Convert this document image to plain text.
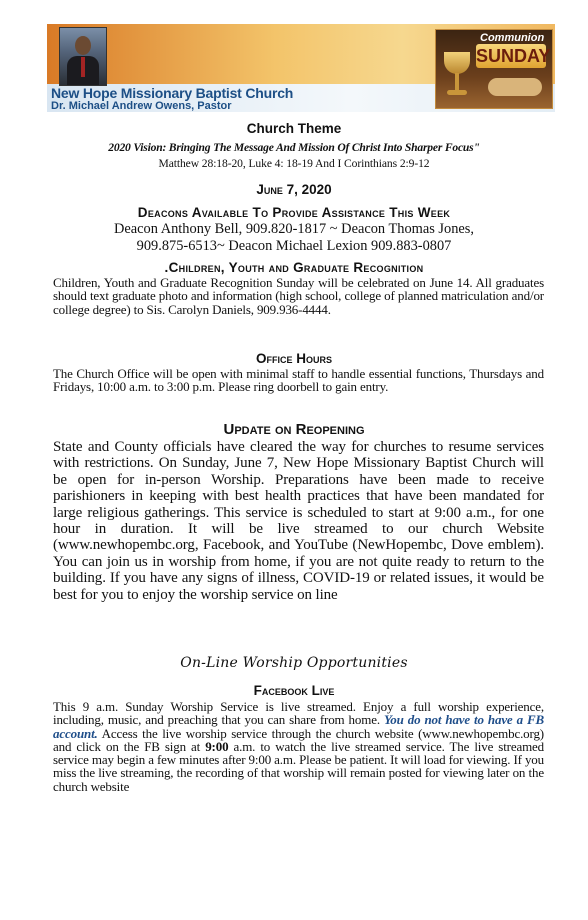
New Hope Missionary Baptist Church
Dr. Michael Andrew Owens, Pastor
Communion
SUNDAY
Church Theme
2020 Vision: Bringing The Message And Mission Of Christ Into Sharper Focus"
Matthew 28:18-20, Luke 4: 18-19 And I Corinthians 2:9-12
June 7, 2020
Deacons Available To Provide Assistance This Week
Deacon Anthony Bell, 909.820-1817 ~ Deacon Thomas Jones,
909.875-6513~ Deacon Michael Lexion 909.883-0807
.Children, Youth and Graduate Recognition
Children, Youth and Graduate Recognition Sunday will be celebrated on June 14. All graduates should text graduate photo and information (high school, college of planned matriculation and/or college degree) to Sis. Carolyn Daniels, 909.936-4444.
Office Hours
The Church Office will be open with minimal staff to handle essential functions, Thursdays and Fridays, 10:00 a.m. to 3:00 p.m. Please ring doorbell to gain entry.
Update on Reopening
State and County officials have cleared the way for churches to resume services with restrictions. On Sunday, June 7, New Hope Missionary Baptist Church will be open for in-person Worship. Preparations have been made to receive parishioners in keeping with best health practices that have been mandated for large religious gatherings. This service is scheduled to start at 9:00 a.m., for one hour in duration. It will be live streamed to our church Website (www.newhopembc.org, Facebook, and YouTube (NewHopembc, Dove emblem). You can join us in worship from home, if you are not quite ready to return to the building. If you have any signs of illness, COVID-19 or related issues, it would be best for you to enjoy the worship service on line
On-Line Worship Opportunities
Facebook Live
This 9 a.m. Sunday Worship Service is live streamed. Enjoy a full worship experience, including, music, and preaching that you can share from home. You do not have to have a FB account. Access the live worship service through the church website (www.newhopembc.org) and click on the FB sign at 9:00 a.m. to watch the live streamed service. The live streamed service may begin a few minutes after 9:00 a.m. Please be patient. It will load for viewing. If you miss the live streaming, the recording of that worship will remain posted for viewing later on the church website
